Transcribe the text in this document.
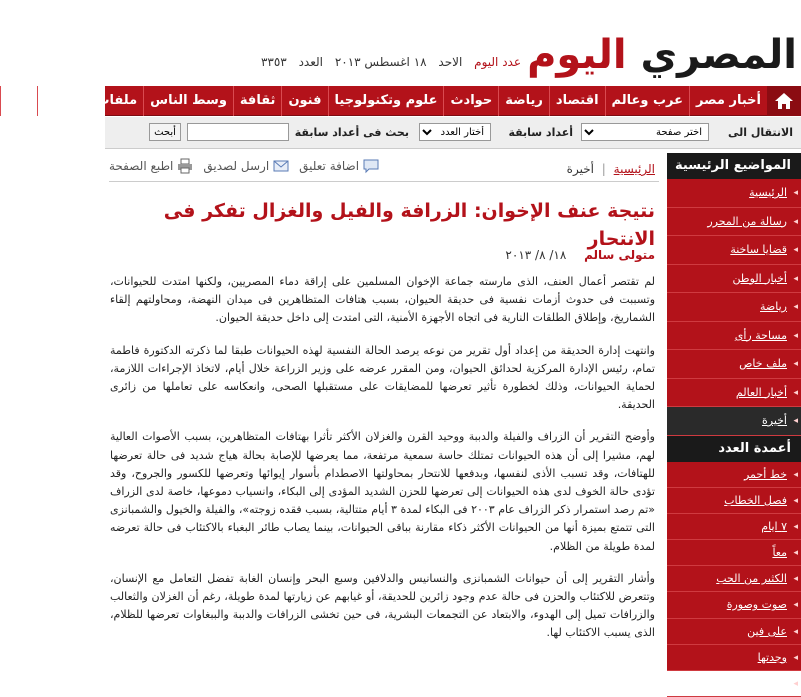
المصري اليوم
عدد اليوم الاحد ١٨ اغسطس ٢٠١٣ العدد ٣٣٥٣
أخبار مصر
عرب وعالم
اقتصاد
رياضة
حوادث
علوم وتكنولوجيا
فنون
ثقافة
وسط الناس
ملفات وتقارير
رأي
الانتقال الى
اختر صفحة
أعداد سابقة
أختار العدد
بحث فى أعداد سابقة
أبحث
الرئيسية | أخيرة
اطبع الصفحة	ارسل لصديق	اضافة تعليق
نتيجة عنف الإخوان: الزرافة والفيل والغزال تفكر فى الانتحار
متولى سالم ١٨/ ٨/ ٢٠١٣

لم تقتصر أعمال العنف، الذى مارسته جماعة الإخوان المسلمين على إراقة دماء المصريين، ولكنها امتدت للحيوانات، وتسببت فى حدوث أزمات نفسية فى حديقة الحيوان، بسبب هتافات المتظاهرين فى ميدان النهضة، ومحاولتهم إلقاء الشماريخ، وإطلاق الطلقات النارية فى اتجاه الأجهزة الأمنية، التى امتدت إلى داخل حديقة الحيوان.

وانتهت إدارة الحديقة من إعداد أول تقرير من نوعه يرصد الحالة النفسية لهذه الحيوانات طبقا لما ذكرته الدكتورة فاطمة تمام، رئيس الإدارة المركزية لحدائق الحيوان، ومن المقرر عرضه على وزير الزراعة خلال أيام، لاتخاذ الإجراءات اللازمة، لحماية الحيوانات، وذلك لخطورة تأثير تعرضها للمضايقات على مستقبلها الصحى، وانعكاسه على تعاملها من زائرى الحديقة.

وأوضح التقرير أن الزراف والفيلة والدببة ووحيد القرن والغزلان الأكثر تأثرا بهتافات المتظاهرين، بسبب الأصوات العالية لهم، مشيرا إلى أن هذه الحيوانات تمتلك حاسة سمعية مرتفعة، مما يعرضها للإصابة بحالة هياج شديد فى حالة تعرضها للهتافات، وقد تسبب الأذى لنفسها، وبدفعها للانتحار بمحاولتها الاصطدام بأسوار إيوائها وتعرضها للكسور والجروح، وقد تؤدى حالة الخوف لدى هذه الحيوانات إلى تعرضها للحزن الشديد المؤدى إلى البكاء، وانسياب دموعها، خاصة لدى الزراف «تم رصد استمرار ذكر الزراف عام ٢٠٠٣ فى البكاء لمدة ٣ أيام متتالية، بسبب فقده زوجته»، والفيلة والخيول والشمبانزى التى تتمتع بميزة أنها من الحيوانات الأكثر ذكاء مقارنة بباقى الحيوانات، بينما يصاب طائر البغباء بالاكتئاب فى حالة تعرضه لمدة طويلة من الظلام.

وأشار التقرير إلى أن حيوانات الشمبانزى والنسانيس والدلافين وسبع البحر وإنسان الغابة تفضل التعامل مع الإنسان، وتتعرض للاكتئاب والحزن فى حالة عدم وجود زائرين للحديقة، أو غيابهم عن زيارتها لمدة طويلة، رغم أن الغزلان والثعالب والزرافات تميل إلى الهدوء، والابتعاد عن التجمعات البشرية، فى حين تخشى الزرافات والدببة والببغاوات تعرضها للظلام، الذى يسبب الاكتئاب لها.

المواضيع الرئيسية
◂ الرئيسية
◂ رسالة من المحرر
◂ قضايا ساخنة
◂ أخبار الوطن
◂ رياضة
◂ مساحة رأى
◂ ملف خاص
◂ أخبار العالم
◂ أخيرة
أعمدة العدد
◂ خط أحمر
◂ فصل الخطاب
◂ ٧ ايام
◂ معاً
◂ الكثير من الحب
◂ صوت وصورة
◂ على فين
◂ وجدتها
◂ كل أحد
